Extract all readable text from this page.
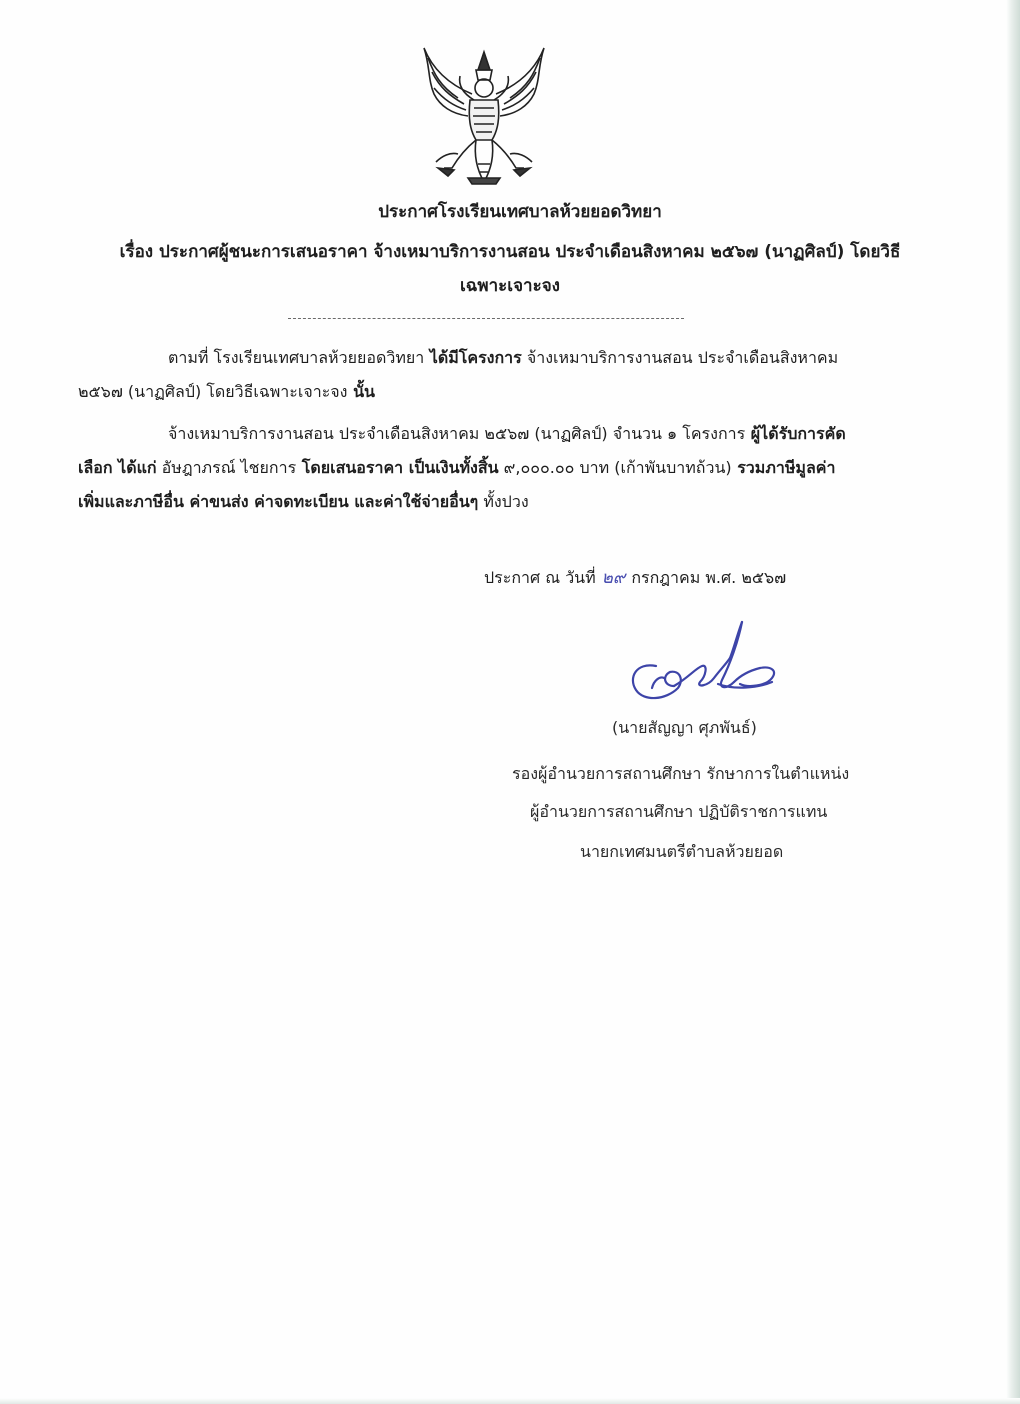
ประกาศโรงเรียนเทศบาลห้วยยอดวิทยา
เรื่อง ประกาศผู้ชนะการเสนอราคา จ้างเหมาบริการงานสอน ประจำเดือนสิงหาคม ๒๕๖๗ (นาฏศิลป์) โดยวิธี
เฉพาะเจาะจง
ตามที่ โรงเรียนเทศบาลห้วยยอดวิทยา ได้มีโครงการ จ้างเหมาบริการงานสอน ประจำเดือนสิงหาคม
๒๕๖๗ (นาฏศิลป์) โดยวิธีเฉพาะเจาะจง นั้น
จ้างเหมาบริการงานสอน ประจำเดือนสิงหาคม ๒๕๖๗ (นาฏศิลป์) จำนวน ๑ โครงการ ผู้ได้รับการคัด
เลือก ได้แก่ อัษฎาภรณ์ ไชยการ โดยเสนอราคา เป็นเงินทั้งสิ้น ๙,๐๐๐.๐๐ บาท (เก้าพันบาทถ้วน) รวมภาษีมูลค่า
เพิ่มและภาษีอื่น ค่าขนส่ง ค่าจดทะเบียน และค่าใช้จ่ายอื่นๆ ทั้งปวง
ประกาศ ณ วันที่ ๒๙ กรกฎาคม พ.ศ. ๒๕๖๗
(นายสัญญา ศุภพันธ์)
รองผู้อำนวยการสถานศึกษา รักษาการในตำแหน่ง
ผู้อำนวยการสถานศึกษา ปฏิบัติราชการแทน
นายกเทศมนตรีตำบลห้วยยอด
